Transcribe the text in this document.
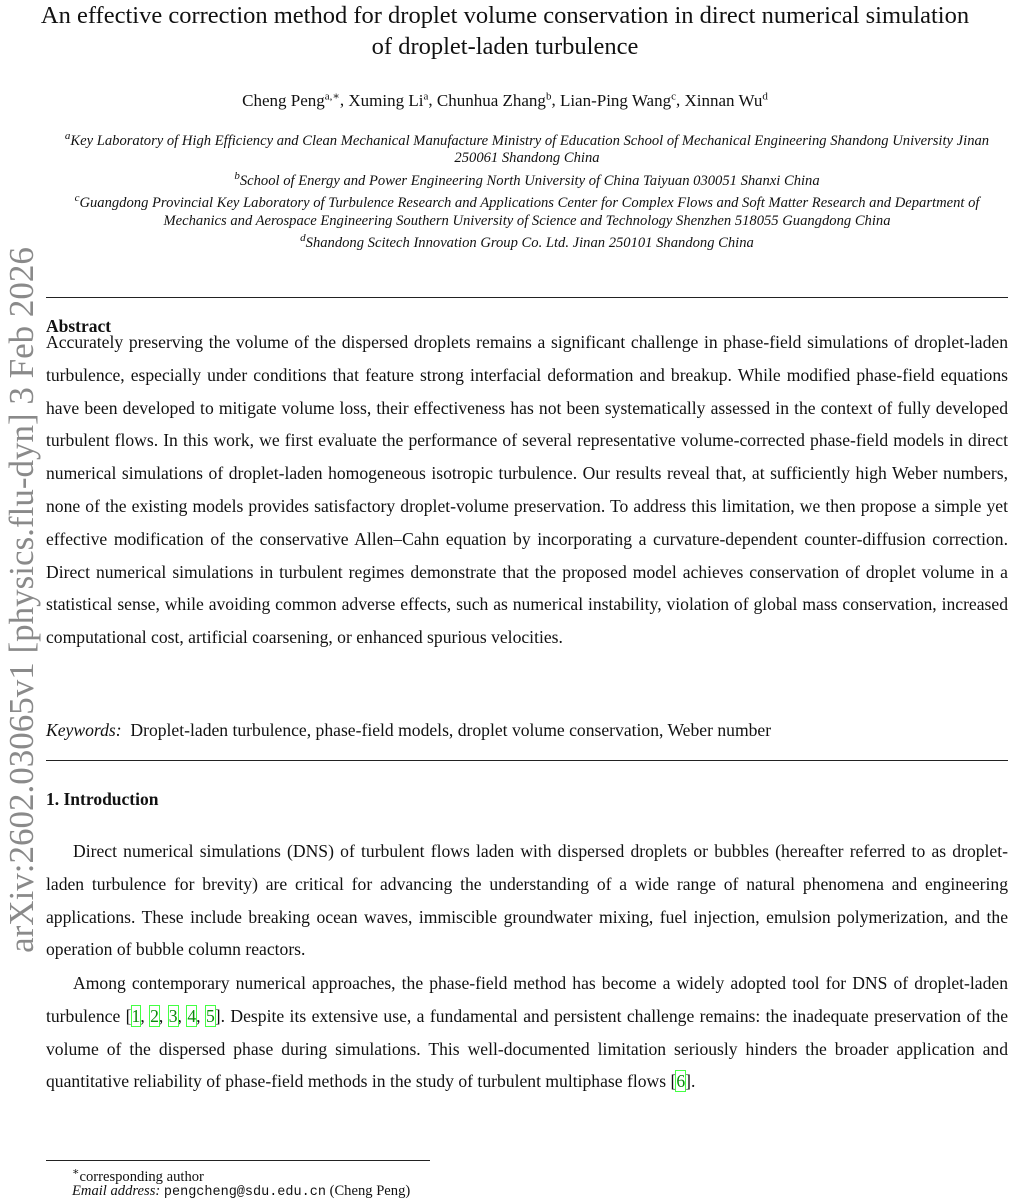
arXiv:2602.03065v1 [physics.flu-dyn] 3 Feb 2026
An effective correction method for droplet volume conservation in direct numerical simulation of droplet-laden turbulence
Cheng Peng$^{a,∗}$, Xuming Li$^a$, Chunhua Zhang$^b$, Lian-Ping Wang$^c$, Xinnan Wu$^d$
$^a$Key Laboratory of High Efficiency and Clean Mechanical Manufacture Ministry of Education School of Mechanical Engineering Shandong University Jinan 250061 Shandong China
$^b$School of Energy and Power Engineering North University of China Taiyuan 030051 Shanxi China
$^c$Guangdong Provincial Key Laboratory of Turbulence Research and Applications Center for Complex Flows and Soft Matter Research and Department of Mechanics and Aerospace Engineering Southern University of Science and Technology Shenzhen 518055 Guangdong China
$^d$Shandong Scitech Innovation Group Co. Ltd. Jinan 250101 Shandong China
Abstract
Accurately preserving the volume of the dispersed droplets remains a significant challenge in phase-field simulations of droplet-laden turbulence, especially under conditions that feature strong interfacial deformation and breakup. While modified phase-field equations have been developed to mitigate volume loss, their effectiveness has not been systematically assessed in the context of fully developed turbulent flows. In this work, we first evaluate the performance of several representative volume-corrected phase-field models in direct numerical simulations of droplet-laden homogeneous isotropic turbulence. Our results reveal that, at sufficiently high Weber numbers, none of the existing models provides satisfactory droplet-volume preservation. To address this limitation, we then propose a simple yet effective modification of the conservative Allen–Cahn equation by incorporating a curvature-dependent counter-diffusion correction. Direct numerical simulations in turbulent regimes demonstrate that the proposed model achieves conservation of droplet volume in a statistical sense, while avoiding common adverse effects, such as numerical instability, violation of global mass conservation, increased computational cost, artificial coarsening, or enhanced spurious velocities.
Keywords: Droplet-laden turbulence, phase-field models, droplet volume conservation, Weber number
1. Introduction
Direct numerical simulations (DNS) of turbulent flows laden with dispersed droplets or bubbles (hereafter referred to as droplet-laden turbulence for brevity) are critical for advancing the understanding of a wide range of natural phenomena and engineering applications. These include breaking ocean waves, immiscible groundwater mixing, fuel injection, emulsion polymerization, and the operation of bubble column reactors.
Among contemporary numerical approaches, the phase-field method has become a widely adopted tool for DNS of droplet-laden turbulence [1, 2, 3, 4, 5]. Despite its extensive use, a fundamental and persistent challenge remains: the inadequate preservation of the volume of the dispersed phase during simulations. This well-documented limitation seriously hinders the broader application and quantitative reliability of phase-field methods in the study of turbulent multiphase flows [6].
∗corresponding author
Email address: pengcheng@sdu.edu.cn (Cheng Peng)
